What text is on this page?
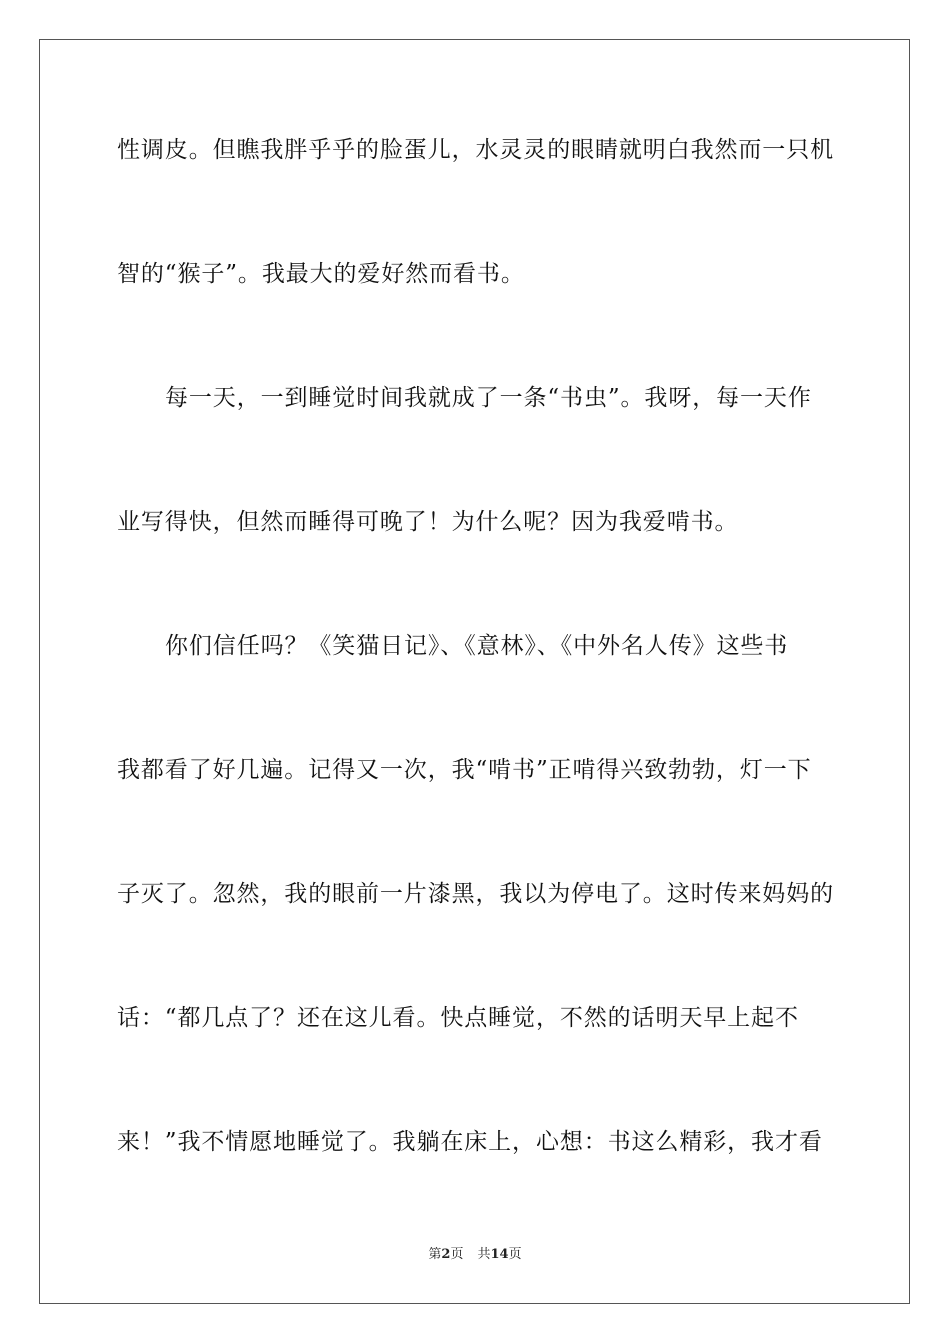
性调皮。但瞧我胖乎乎的脸蛋儿，水灵灵的眼睛就明白我然而一只机
智的“猴子”。我最大的爱好然而看书。
每一天，一到睡觉时间我就成了一条“书虫”。我呀，每一天作
业写得快，但然而睡得可晚了！为什么呢？因为我爱啃书。
你们信任吗？《笑猫日记》、《意林》、《中外名人传》这些书
我都看了好几遍。记得又一次，我“啃书”正啃得兴致勃勃，灯一下
子灭了。忽然，我的眼前一片漆黑，我以为停电了。这时传来妈妈的
话：“都几点了？还在这儿看。快点睡觉，不然的话明天早上起不
来！”我不情愿地睡觉了。我躺在床上，心想：书这么精彩，我才看
第2页 共14页
